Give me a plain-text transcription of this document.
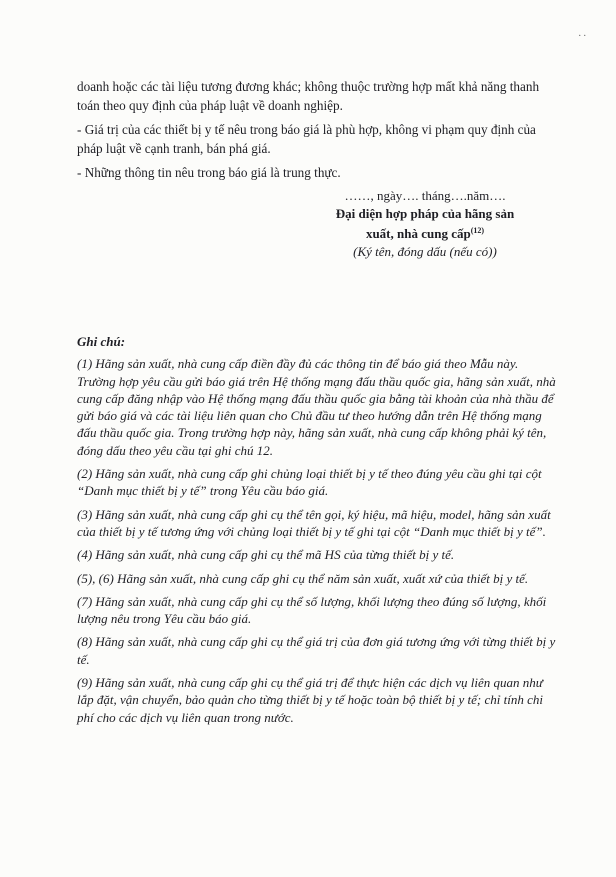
. .

doanh hoặc các tài liệu tương đương khác; không thuộc trường hợp mất khả năng thanh toán theo quy định của pháp luật về doanh nghiệp.

- Giá trị của các thiết bị y tế nêu trong báo giá là phù hợp, không vi phạm quy định của pháp luật về cạnh tranh, bán phá giá.

- Những thông tin nêu trong báo giá là trung thực.

……, ngày…. tháng….năm….
Đại diện hợp pháp của hãng sản
xuất, nhà cung cấp$^{(12)}$
(Ký tên, đóng dấu (nếu có))

Ghi chú:

(1) Hãng sản xuất, nhà cung cấp điền đầy đủ các thông tin để báo giá theo Mẫu này. Trường hợp yêu cầu gửi báo giá trên Hệ thống mạng đấu thầu quốc gia, hãng sản xuất, nhà cung cấp đăng nhập vào Hệ thống mạng đấu thầu quốc gia bằng tài khoản của nhà thầu để gửi báo giá và các tài liệu liên quan cho Chủ đầu tư theo hướng dẫn trên Hệ thống mạng đấu thầu quốc gia. Trong trường hợp này, hãng sản xuất, nhà cung cấp không phải ký tên, đóng dấu theo yêu cầu tại ghi chú 12.

(2) Hãng sản xuất, nhà cung cấp ghi chủng loại thiết bị y tế theo đúng yêu cầu ghi tại cột “Danh mục thiết bị y tế” trong Yêu cầu báo giá.

(3) Hãng sản xuất, nhà cung cấp ghi cụ thể tên gọi, ký hiệu, mã hiệu, model, hãng sản xuất của thiết bị y tế tương ứng với chủng loại thiết bị y tế ghi tại cột “Danh mục thiết bị y tế”.

(4) Hãng sản xuất, nhà cung cấp ghi cụ thể mã HS của từng thiết bị y tế.

(5), (6) Hãng sản xuất, nhà cung cấp ghi cụ thể năm sản xuất, xuất xứ của thiết bị y tế.

(7) Hãng sản xuất, nhà cung cấp ghi cụ thể số lượng, khối lượng theo đúng số lượng, khối lượng nêu trong Yêu cầu báo giá.

(8) Hãng sản xuất, nhà cung cấp ghi cụ thể giá trị của đơn giá tương ứng với từng thiết bị y tế.

(9) Hãng sản xuất, nhà cung cấp ghi cụ thể giá trị để thực hiện các dịch vụ liên quan như lắp đặt, vận chuyển, bảo quản cho từng thiết bị y tế hoặc toàn bộ thiết bị y tế; chỉ tính chi phí cho các dịch vụ liên quan trong nước.
